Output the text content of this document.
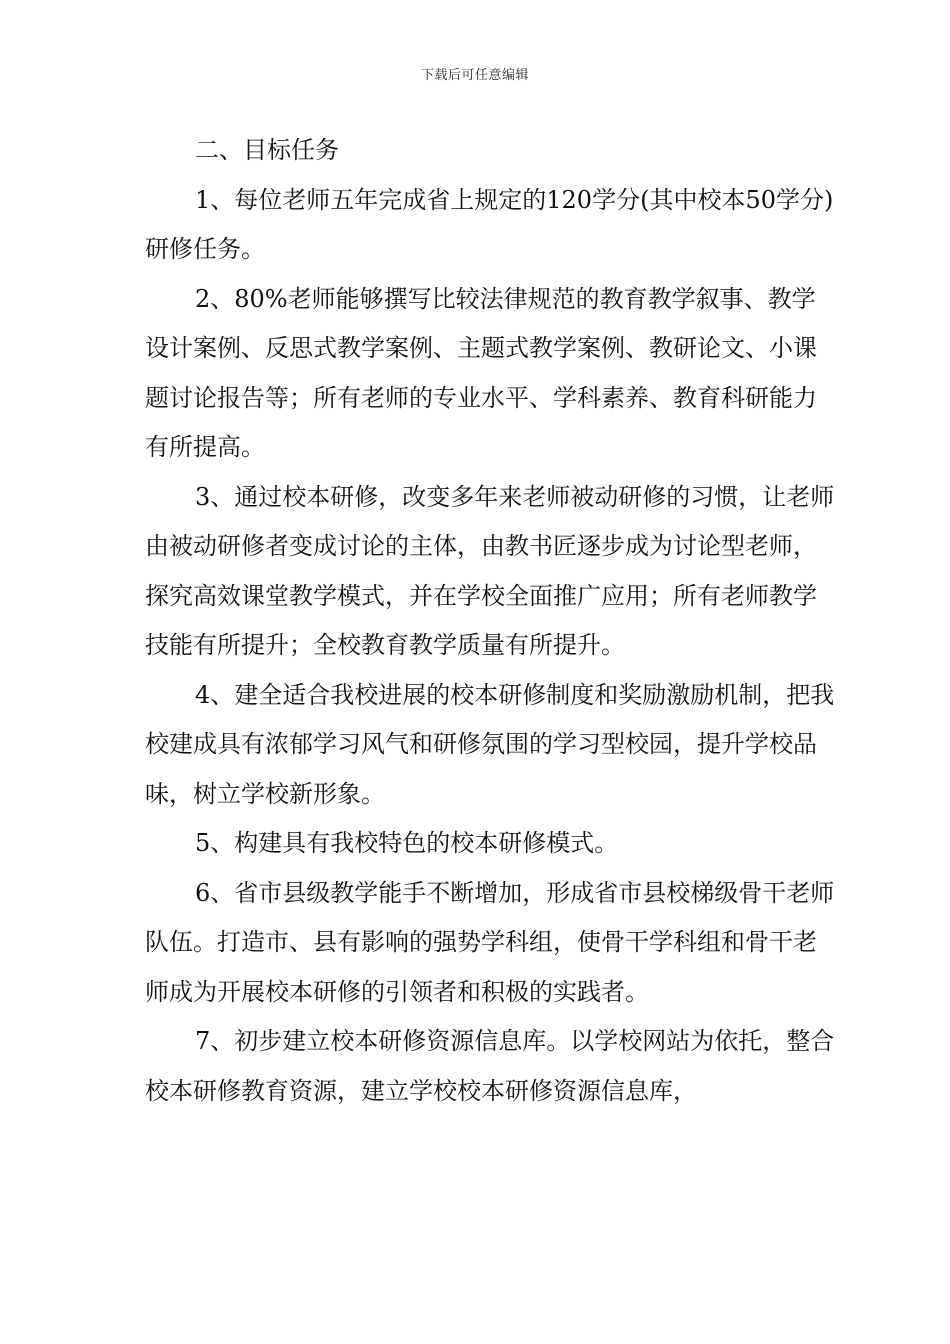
下载后可任意编辑

二、目标任务

1、每位老师五年完成省上规定的120学分(其中校本50学分)研修任务。

2、80%老师能够撰写比较法律规范的教育教学叙事、教学设计案例、反思式教学案例、主题式教学案例、教研论文、小课题讨论报告等；所有老师的专业水平、学科素养、教育科研能力有所提高。

3、通过校本研修，改变多年来老师被动研修的习惯，让老师由被动研修者变成讨论的主体，由教书匠逐步成为讨论型老师，探究高效课堂教学模式，并在学校全面推广应用；所有老师教学技能有所提升；全校教育教学质量有所提升。

4、建全适合我校进展的校本研修制度和奖励激励机制，把我校建成具有浓郁学习风气和研修氛围的学习型校园，提升学校品味，树立学校新形象。

5、构建具有我校特色的校本研修模式。

6、省市县级教学能手不断增加，形成省市县校梯级骨干老师队伍。打造市、县有影响的强势学科组，使骨干学科组和骨干老师成为开展校本研修的引领者和积极的实践者。

7、初步建立校本研修资源信息库。以学校网站为依托，整合校本研修教育资源，建立学校校本研修资源信息库，
